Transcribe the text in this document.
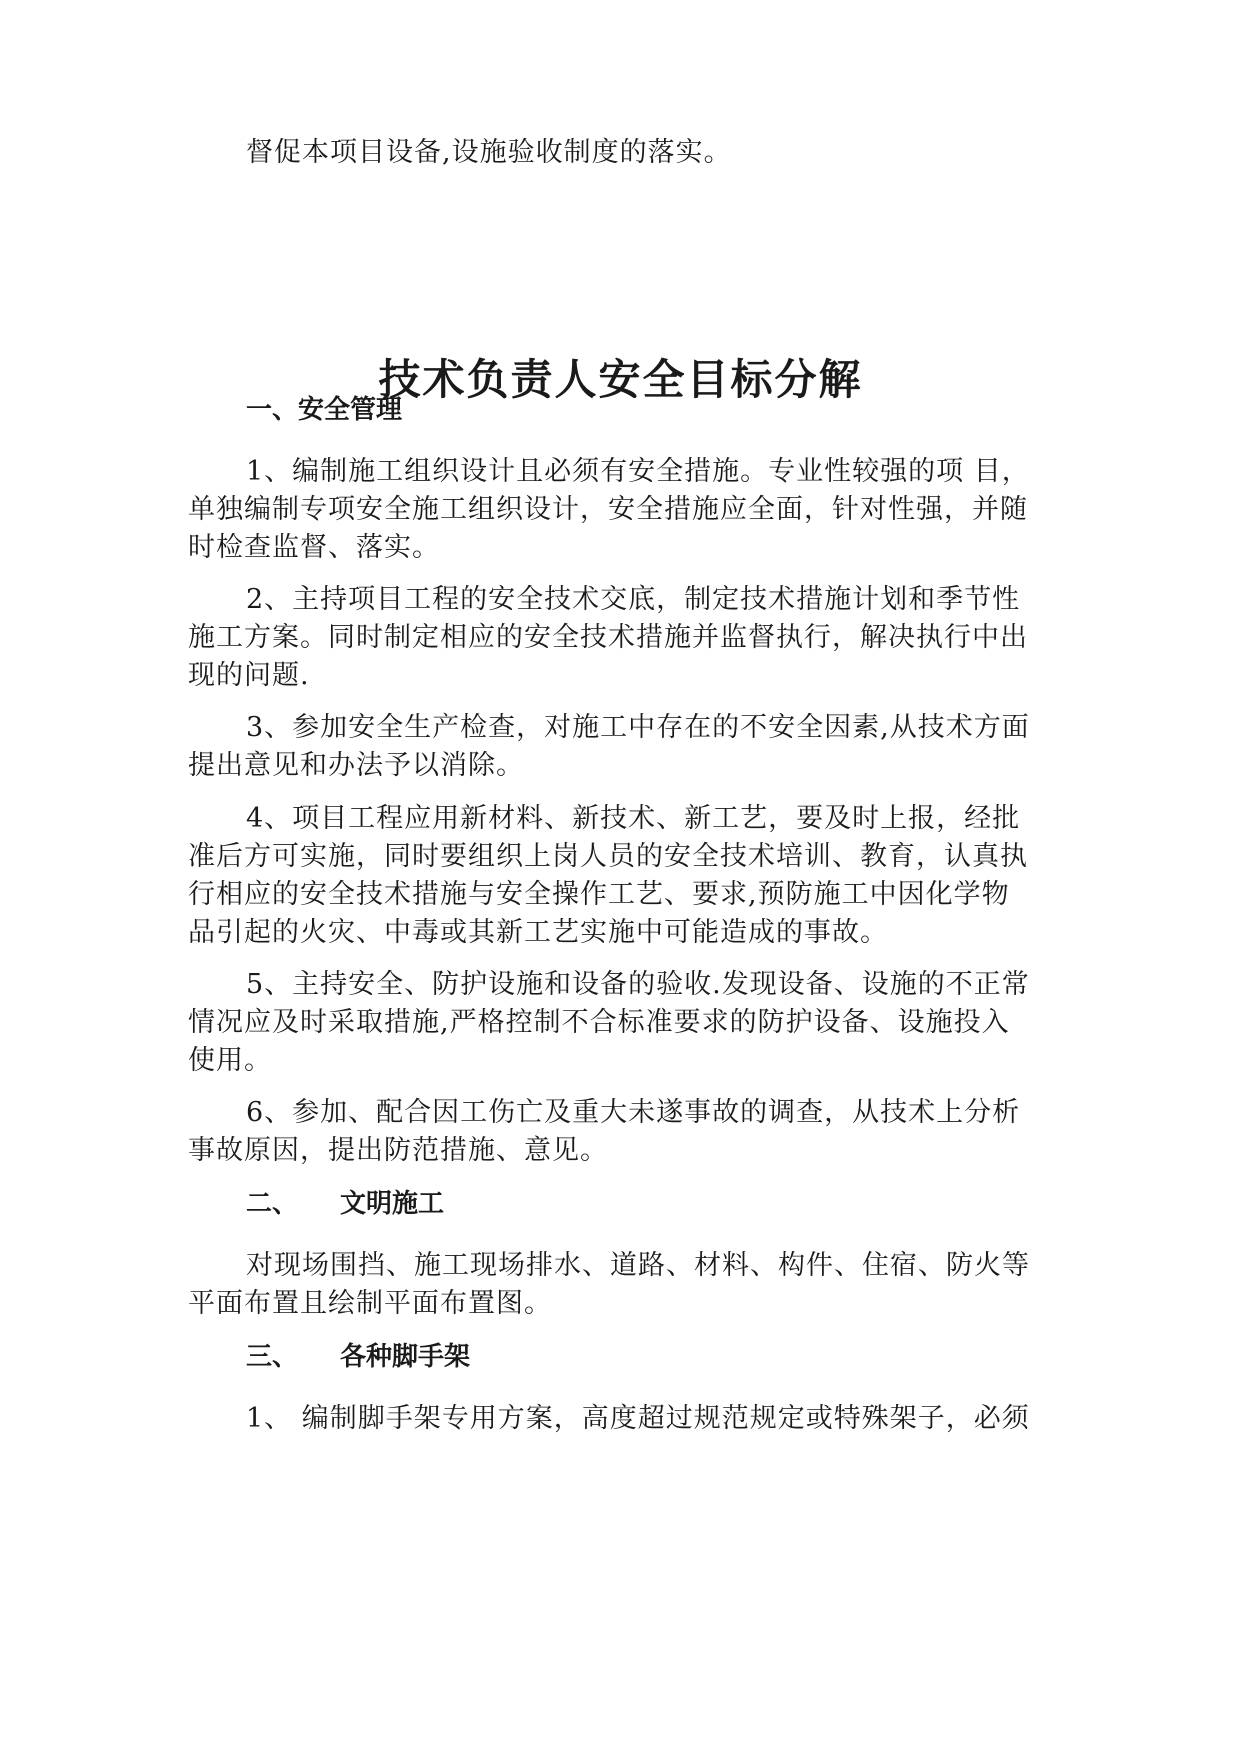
督促本项目设备,设施验收制度的落实。
技术负责人安全目标分解
一、安全管理
1、编制施工组织设计且必须有安全措施。专业性较强的项 目，
单独编制专项安全施工组织设计，安全措施应全面，针对性强，并随
时检查监督、落实。
2、主持项目工程的安全技术交底，制定技术措施计划和季节性
施工方案。同时制定相应的安全技术措施并监督执行，解决执行中出
现的问题.
3、参加安全生产检查，对施工中存在的不安全因素,从技术方面
提出意见和办法予以消除。
4、项目工程应用新材料、新技术、新工艺，要及时上报，经批
准后方可实施，同时要组织上岗人员的安全技术培训、教育，认真执
行相应的安全技术措施与安全操作工艺、要求,预防施工中因化学物
品引起的火灾、中毒或其新工艺实施中可能造成的事故。
5、主持安全、防护设施和设备的验收.发现设备、设施的不正常
情况应及时采取措施,严格控制不合标准要求的防护设备、设施投入
使用。
6、参加、配合因工伤亡及重大未遂事故的调查，从技术上分析
事故原因，提出防范措施、意见。
二、 文明施工
对现场围挡、施工现场排水、道路、材料、构件、住宿、防火等
平面布置且绘制平面布置图。
三、 各种脚手架
1、 编制脚手架专用方案，高度超过规范规定或特殊架子，必须
